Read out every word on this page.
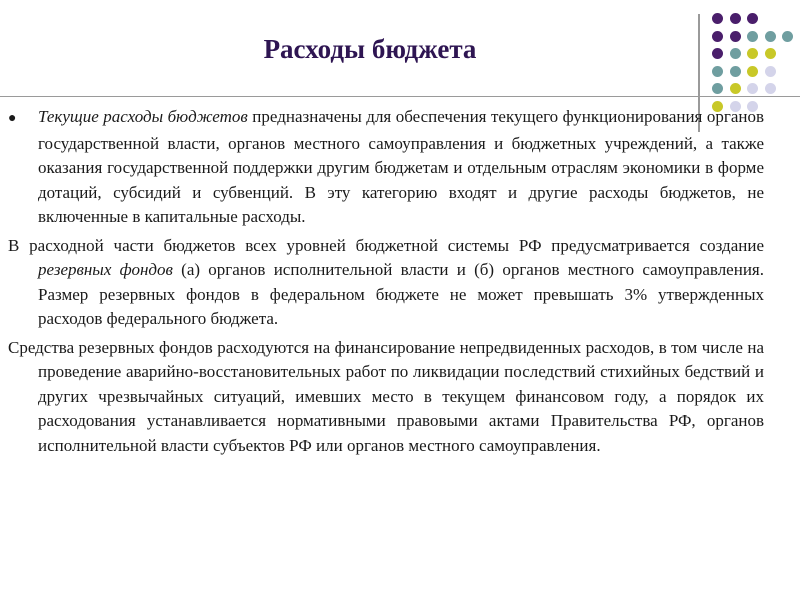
Расходы бюджета

● Текущие расходы бюджетов предназначены для обеспечения текущего функционирования органов государственной власти, органов местного самоуправления и бюджетных учреждений, а также оказания государственной поддержки другим бюджетам и отдельным отраслям экономики в форме дотаций, субсидий и субвенций. В эту категорию входят и другие расходы бюджетов, не включенные в капитальные расходы.

В расходной части бюджетов всех уровней бюджетной системы РФ предусматривается создание резервных фондов (а) органов исполнительной власти и (б) органов местного самоуправления. Размер резервных фондов в федеральном бюджете не может превышать 3% утвержденных расходов федерального бюджета.

Средства резервных фондов расходуются на финансирование непредвиденных расходов, в том числе на проведение аварийно-восстановительных работ по ликвидации последствий стихийных бедствий и других чрезвычайных ситуаций, имевших место в текущем финансовом году, а порядок их расходования устанавливается нормативными правовыми актами Правительства РФ, органов исполнительной власти субъектов РФ или органов местного самоуправления.
